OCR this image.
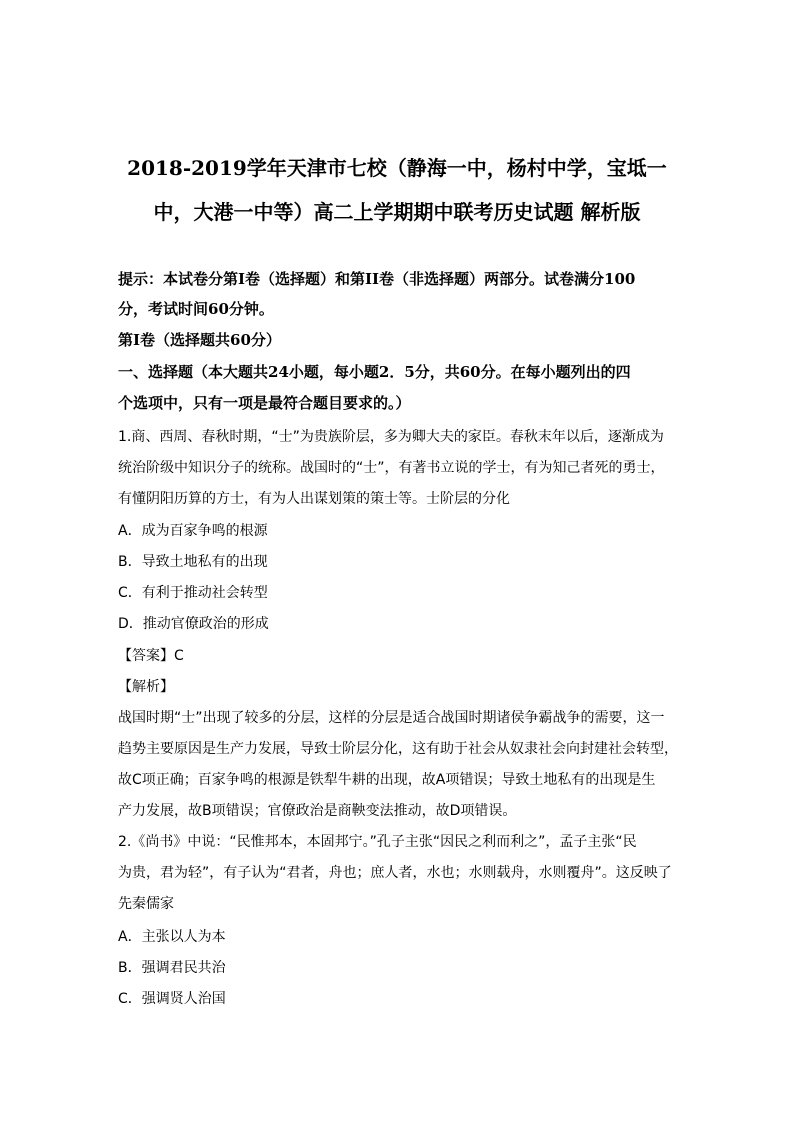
2018-2019学年天津市七校（静海一中，杨村中学，宝坻一
中，大港一中等）高二上学期期中联考历史试题 解析版
提示：本试卷分第Ⅰ卷（选择题）和第II卷（非选择题）两部分。试卷满分100
分，考试时间60分钟。
第Ⅰ卷（选择题共60分）
一、选择题（本大题共24小题，每小题2．5分，共60分。在每小题列出的四
个选项中，只有一项是最符合题目要求的。）
1.商、西周、春秋时期，“士”为贵族阶层，多为卿大夫的家臣。春秋末年以后，逐渐成为
统治阶级中知识分子的统称。战国时的“士”，有著书立说的学士，有为知己者死的勇士，
有懂阴阳历算的方士，有为人出谋划策的策士等。士阶层的分化
A．成为百家争鸣的根源
B．导致土地私有的出现
C．有利于推动社会转型
D．推动官僚政治的形成
【答案】C
【解析】
战国时期“士”出现了较多的分层，这样的分层是适合战国时期诸侯争霸战争的需要，这一
趋势主要原因是生产力发展，导致士阶层分化，这有助于社会从奴隶社会向封建社会转型，
故C项正确；百家争鸣的根源是铁犁牛耕的出现，故A项错误；导致土地私有的出现是生
产力发展，故B项错误；官僚政治是商鞅变法推动，故D项错误。
2.《尚书》中说：“民惟邦本，本固邦宁。”孔子主张“因民之利而利之”，孟子主张“民
为贵，君为轻”，有子认为“君者，舟也；庶人者，水也；水则载舟，水则覆舟”。这反映了
先秦儒家
A．主张以人为本
B．强调君民共治
C．强调贤人治国
